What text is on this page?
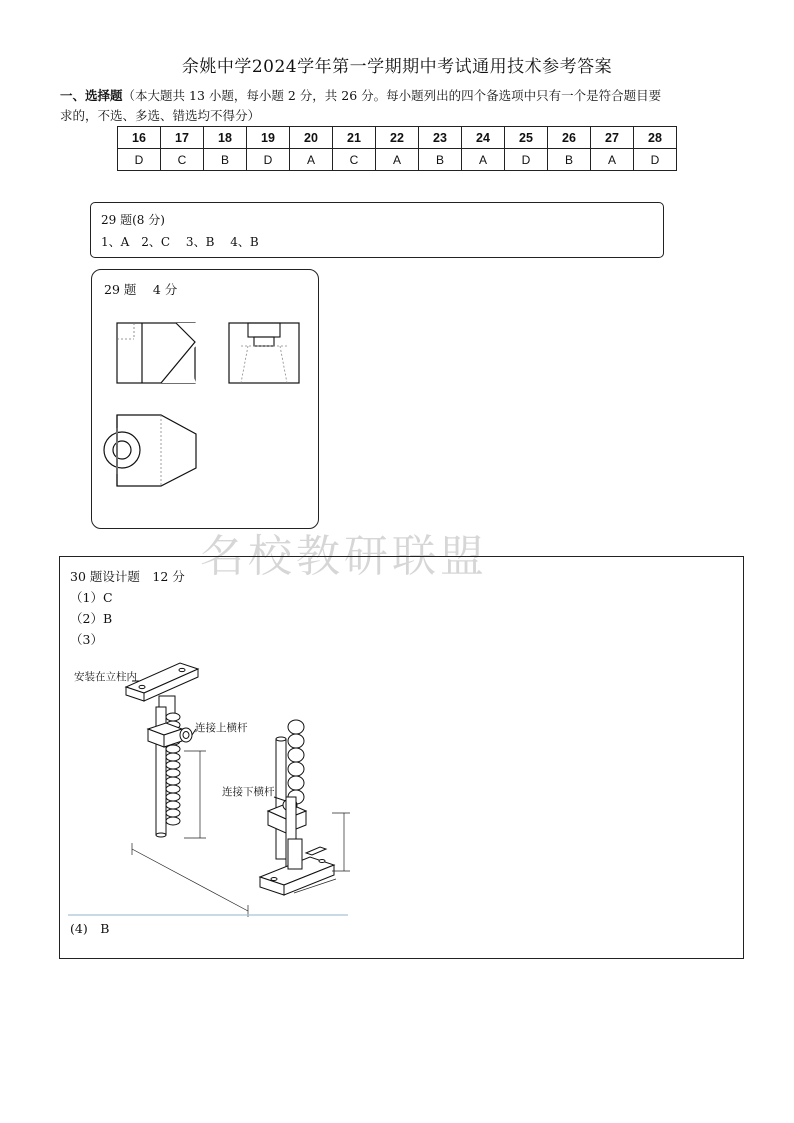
余姚中学2024学年第一学期期中考试通用技术参考答案
一、选择题（本大题共 13 小题，每小题 2 分，共 26 分。每小题列出的四个备选项中只有一个是符合题目要
求的，不选、多选、错选均不得分）
16	17	18	19	20	21	22	23	24	25	26	27	28
D	C	B	D	A	C	A	B	A	D	B	A	D
29 题(8 分)
1、A　2、C　 3、B　 4、B
29 题　 4 分
名校教研联盟
30 题设计题　12 分
（1）C
（2）B
（3）
安装在立柱内
连接上横杆
连接下横杆
(4)　B
